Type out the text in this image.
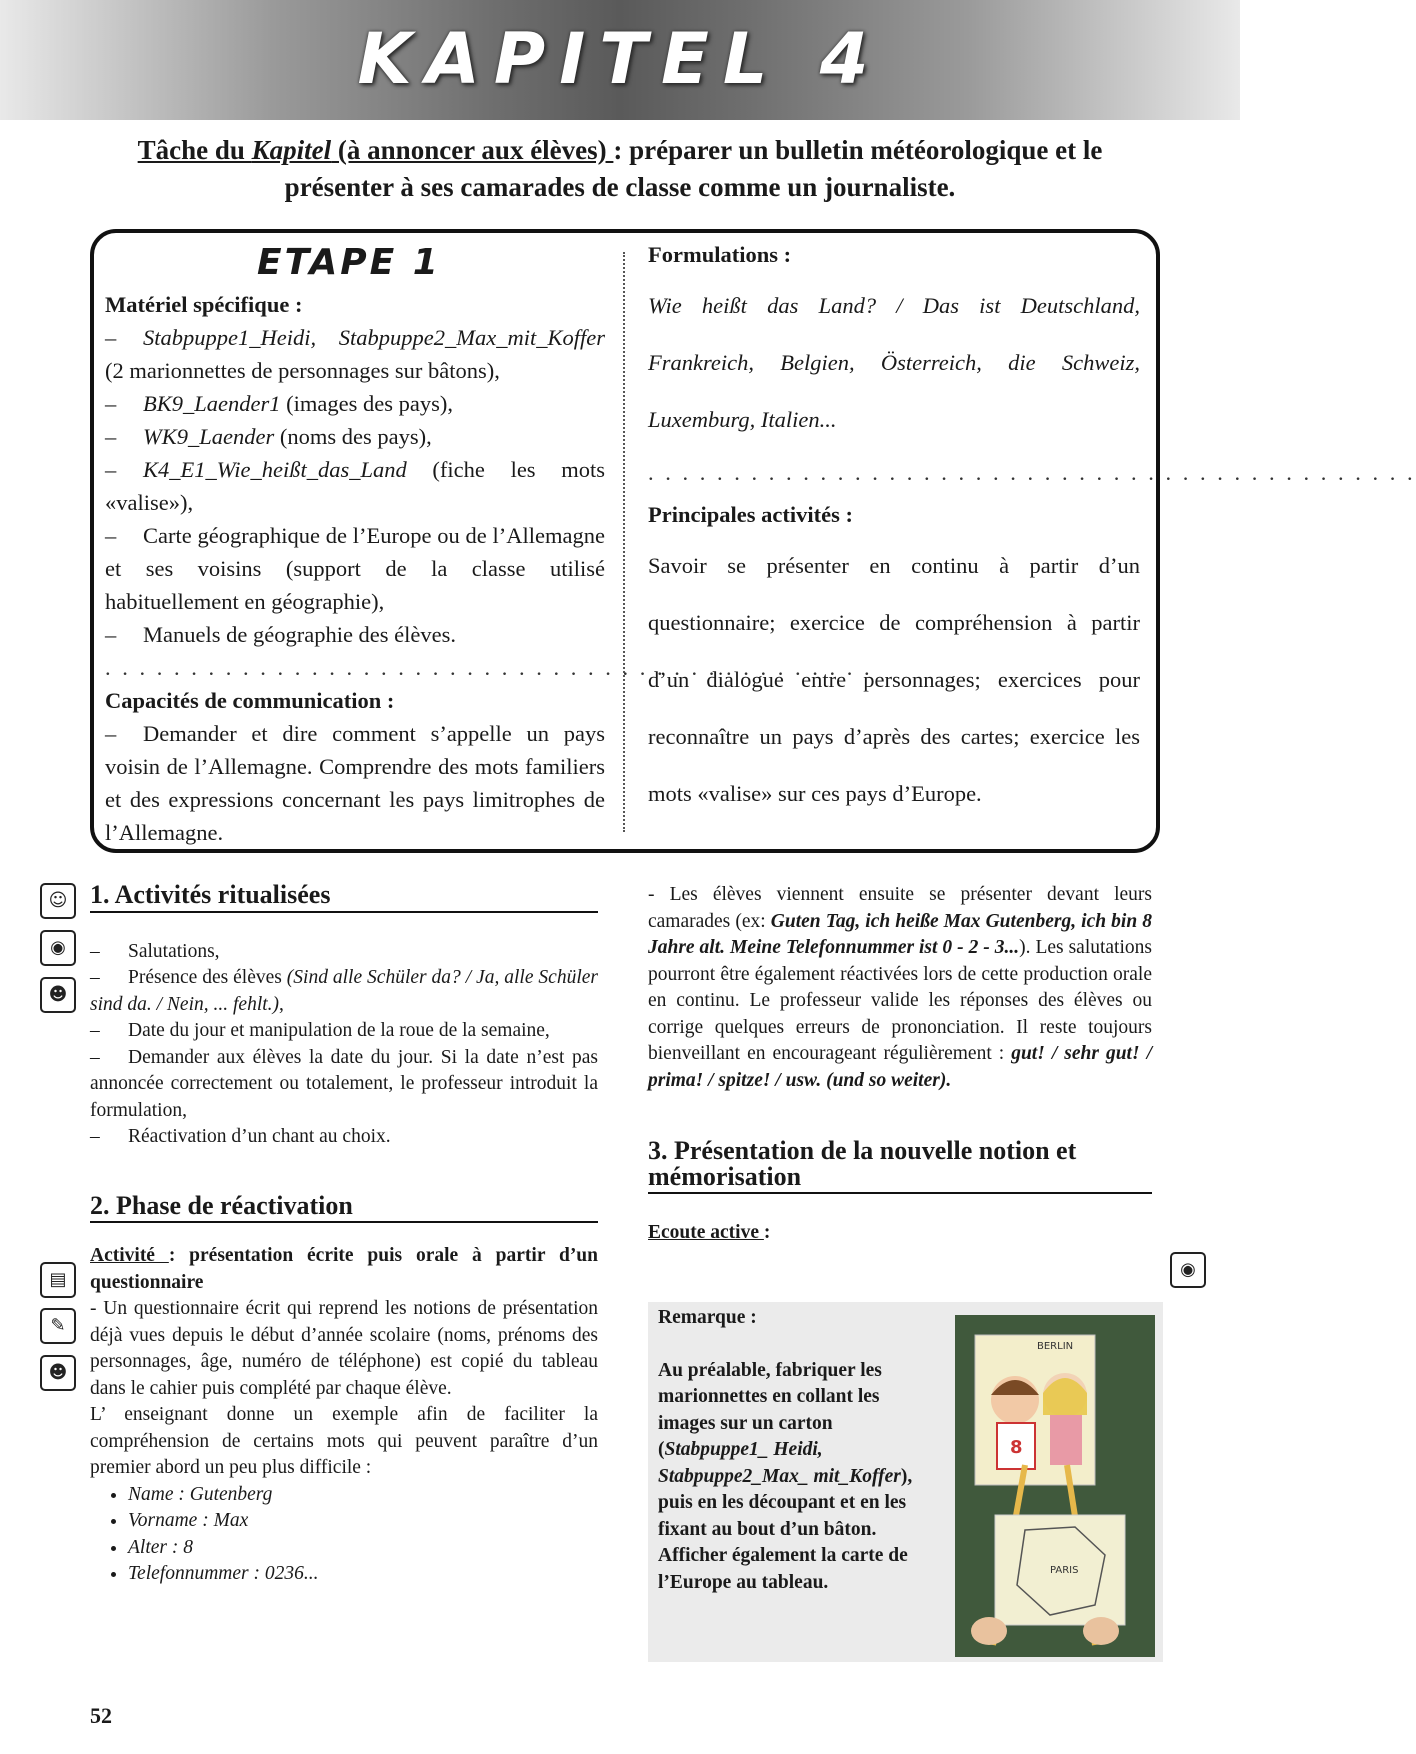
KAPITEL 4
Tâche du Kapitel (à annoncer aux élèves) : préparer un bulletin météorologique et le présenter à ses camarades de classe comme un journaliste.
ETAPE 1
Matériel spécifique :
– Stabpuppe1_Heidi, Stabpuppe2_Max_mit_Koffer (2 marionnettes de personnages sur bâtons),
– BK9_Laender1 (images des pays),
– WK9_Laender (noms des pays),
– K4_E1_Wie_heißt_das_Land (fiche les mots «valise»),
– Carte géographique de l’Europe ou de l’Allemagne et ses voisins (support de la classe utilisé habituellement en géographie),
– Manuels de géographie des élèves.
. . . . . . . . . . . . . . . . . . . . . . . . . . . . . . . . . . . . . . . . . . . . .
Capacités de communication :
– Demander et dire comment s’appelle un pays voisin de l’Allemagne. Comprendre des mots familiers et des expressions concernant les pays limitrophes de l’Allemagne.
Formulations :
Wie heißt das Land? / Das ist Deutschland, Frankreich, Belgien, Österreich, die Schweiz, Luxemburg, Italien...
. . . . . . . . . . . . . . . . . . . . . . . . . . . . . . . . . . . . . . . . . . . . .
Principales activités :
Savoir se présenter en continu à partir d’un questionnaire; exercice de compréhension à partir d’un dialogue entre personnages; exercices pour reconnaître un pays d’après des cartes; exercice les mots «valise» sur ces pays d’Europe.
☺
◉
☻
▤
✎
☻
◉
1. Activités ritualisées
– Salutations,
– Présence des élèves (Sind alle Schüler da? / Ja, alle Schüler sind da. / Nein, ... fehlt.),
– Date du jour et manipulation de la roue de la semaine,
– Demander aux élèves la date du jour. Si la date n’est pas annoncée correctement ou totalement, le professeur introduit la formulation,
– Réactivation d’un chant au choix.
2. Phase de réactivation
Activité : présentation écrite puis orale à partir d’un questionnaire
- Un questionnaire écrit qui reprend les notions de présentation déjà vues depuis le début d’année scolaire (noms, prénoms des personnages, âge, numéro de téléphone) est copié du tableau dans le cahier puis complété par chaque élève.
L’ enseignant donne un exemple afin de faciliter la compréhension de certains mots qui peuvent paraître d’un premier abord un peu plus difficile :
• Name : Gutenberg
• Vorname : Max
• Alter : 8
• Telefonnummer : 0236...
- Les élèves viennent ensuite se présenter devant leurs camarades (ex: Guten Tag, ich heiße Max Gutenberg, ich bin 8 Jahre alt. Meine Telefonnummer ist 0 - 2 - 3...). Les salutations pourront être également réactivées lors de cette production orale en continu. Le professeur valide les réponses des élèves ou corrige quelques erreurs de prononciation. Il reste toujours bienveillant en encourageant régulièrement : gut! / sehr gut! / prima! / spitze! / usw. (und so weiter).
3. Présentation de la nouvelle notion et mémorisation
Ecoute active :
Remarque :
Au préalable, fabriquer les marionnettes en collant les images sur un carton (Stabpuppe1_ Heidi, Stabpuppe2_Max_ mit_Koffer), puis en les découpant et en les fixant au bout d’un bâton.
Afficher également la carte de l’Europe au tableau.
BERLIN
8
PARIS
52
